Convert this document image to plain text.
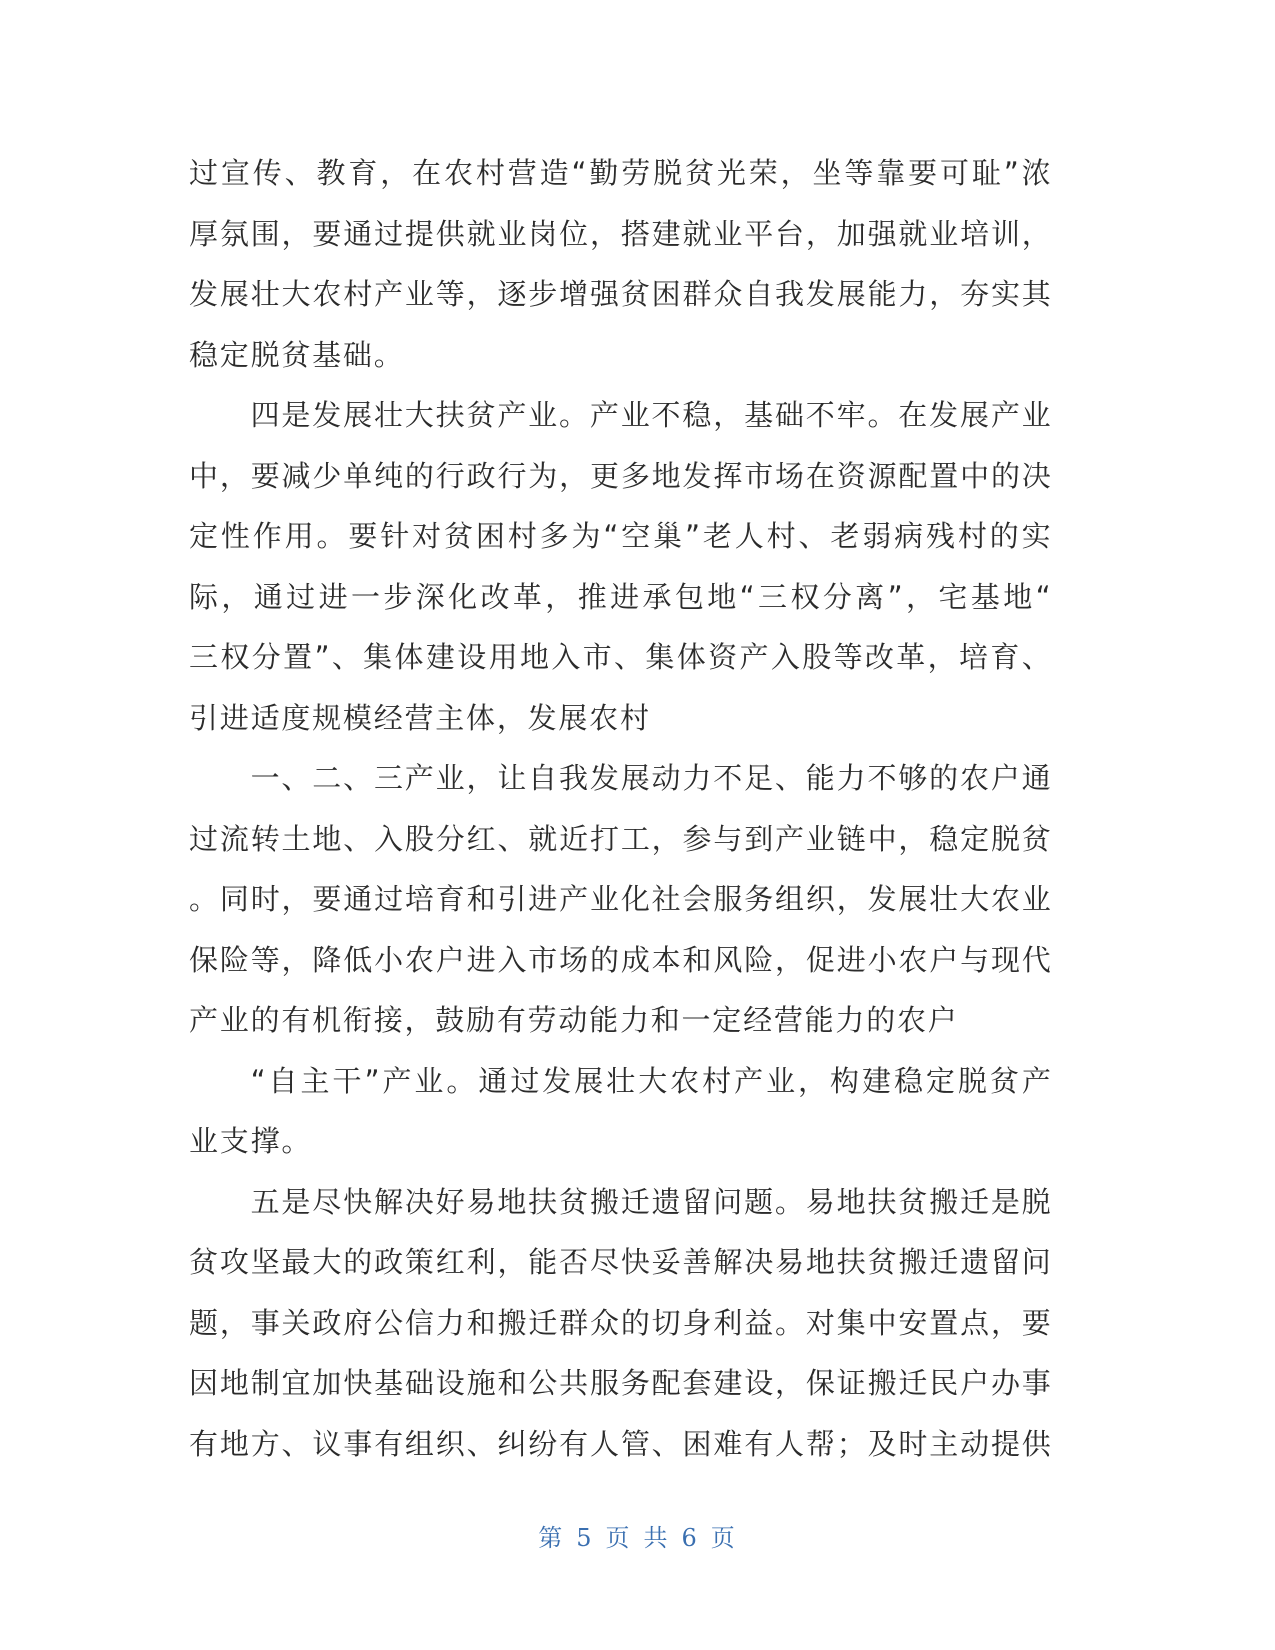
过 宣 传 、 教 育 ， 在 农 村 营 造 “ 勤 劳 脱 贫 光 荣 ， 坐 等 靠 要 可 耻 ” 浓
厚 氛 围 ， 要 通 过 提 供 就 业 岗 位 ， 搭 建 就 业 平 台 ， 加 强 就 业 培 训 ，
发 展 壮 大 农 村 产 业 等 ， 逐 步 增 强 贫 困 群 众 自 我 发 展 能 力 ， 夯 实 其
稳 定 脱 贫 基 础 。
四 是 发 展 壮 大 扶 贫 产 业 。 产 业 不 稳 ， 基 础 不 牢 。 在 发 展 产 业
中 ， 要 减 少 单 纯 的 行 政 行 为 ， 更 多 地 发 挥 市 场 在 资 源 配 置 中 的 决
定 性 作 用 。 要 针 对 贫 困 村 多 为 “ 空 巢 ” 老 人 村 、 老 弱 病 残 村 的 实
际 ， 通 过 进 一 步 深 化 改 革 ， 推 进 承 包 地 “ 三 权 分 离 ” ， 宅 基 地 “
三 权 分 置 ” 、 集 体 建 设 用 地 入 市 、 集 体 资 产 入 股 等 改 革 ， 培 育 、
引 进 适 度 规 模 经 营 主 体 ， 发 展 农 村
一 、 二 、 三 产 业 ， 让 自 我 发 展 动 力 不 足 、 能 力 不 够 的 农 户 通
过 流 转 土 地 、 入 股 分 红 、 就 近 打 工 ， 参 与 到 产 业 链 中 ， 稳 定 脱 贫
。 同 时 ， 要 通 过 培 育 和 引 进 产 业 化 社 会 服 务 组 织 ， 发 展 壮 大 农 业
保 险 等 ， 降 低 小 农 户 进 入 市 场 的 成 本 和 风 险 ， 促 进 小 农 户 与 现 代
产 业 的 有 机 衔 接 ， 鼓 励 有 劳 动 能 力 和 一 定 经 营 能 力 的 农 户
“ 自 主 干 ” 产 业 。 通 过 发 展 壮 大 农 村 产 业 ， 构 建 稳 定 脱 贫 产
业 支 撑 。
五 是 尽 快 解 决 好 易 地 扶 贫 搬 迁 遗 留 问 题 。 易 地 扶 贫 搬 迁 是 脱
贫 攻 坚 最 大 的 政 策 红 利 ， 能 否 尽 快 妥 善 解 决 易 地 扶 贫 搬 迁 遗 留 问
题 ， 事 关 政 府 公 信 力 和 搬 迁 群 众 的 切 身 利 益 。 对 集 中 安 置 点 ， 要
因 地 制 宜 加 快 基 础 设 施 和 公 共 服 务 配 套 建 设 ， 保 证 搬 迁 民 户 办 事
有 地 方 、 议 事 有 组 织 、 纠 纷 有 人 管 、 困 难 有 人 帮 ； 及 时 主 动 提 供
第 5 页 共 6 页
